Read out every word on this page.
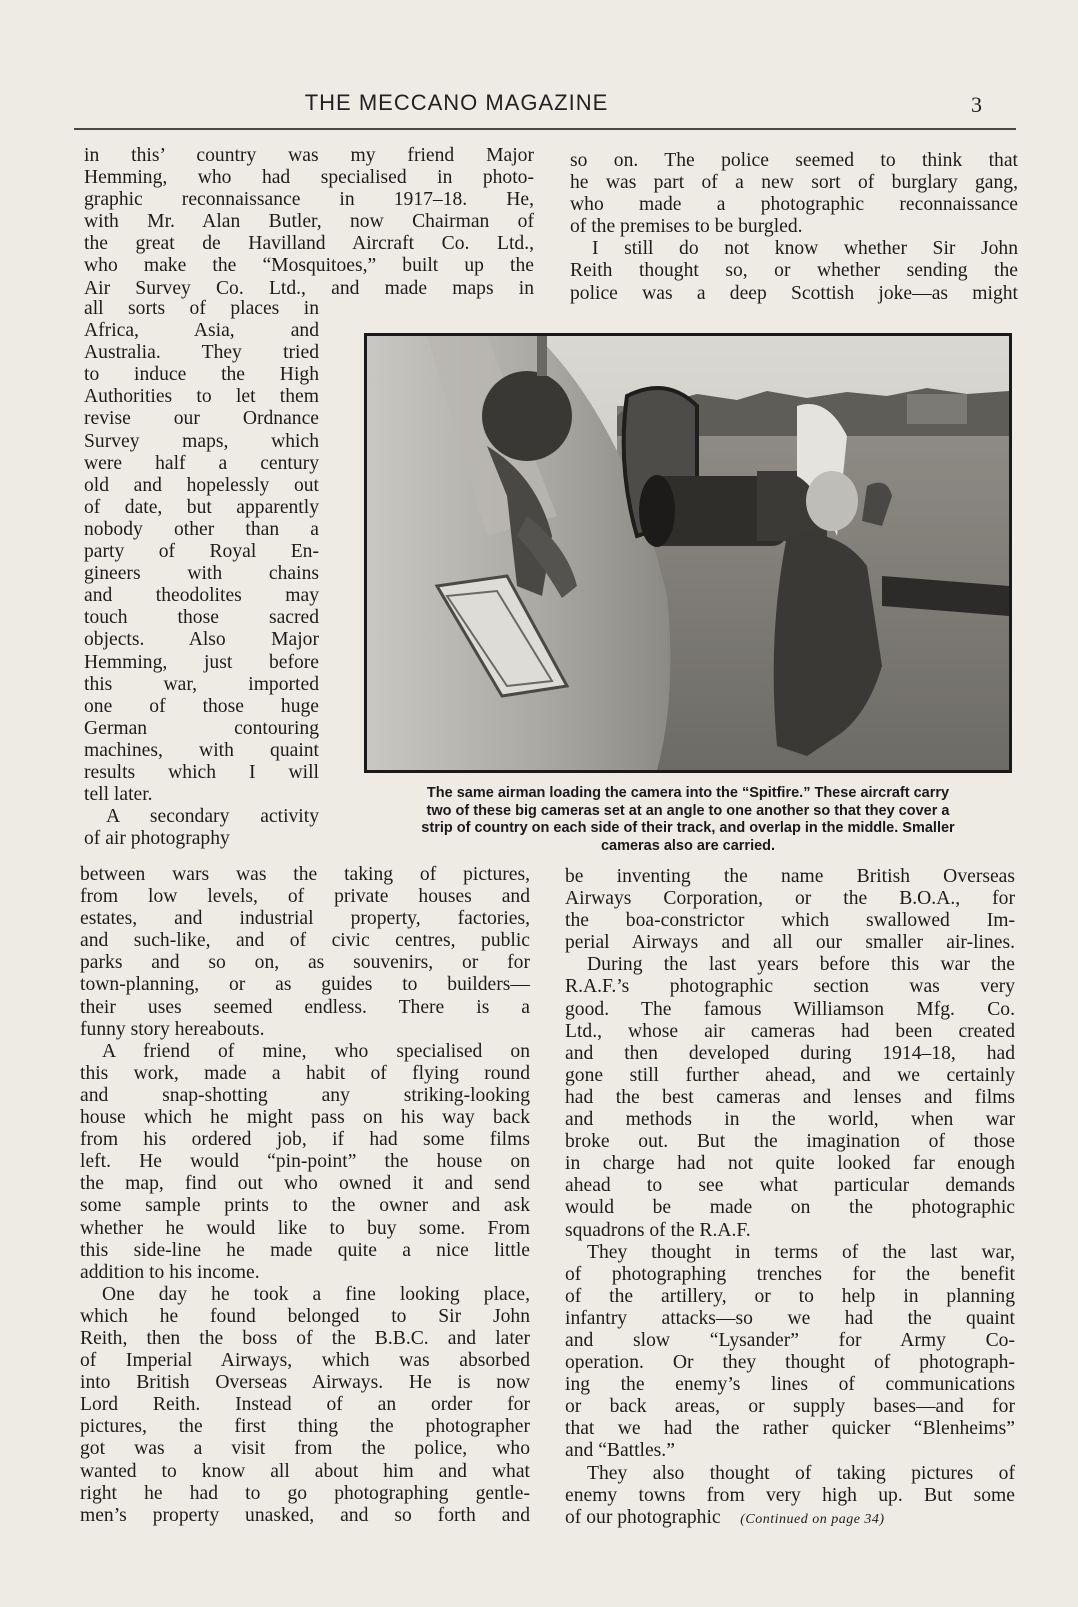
THE MECCANO MAGAZINE	3
in this’ country was my friend Major
Hemming, who had specialised in photo-
graphic reconnaissance in 1917–18. He,
with Mr. Alan Butler, now Chairman of
the great de Havilland Aircraft Co. Ltd.,
who make the “Mosquitoes,” built up the
Air Survey Co. Ltd., and made maps in
all sorts of places in
Africa, Asia, and
Australia. They tried
to induce the High
Authorities to let them
revise our Ordnance
Survey maps, which
were half a century
old and hopelessly out
of date, but apparently
nobody other than a
party of Royal En-
gineers with chains
and theodolites may
touch those sacred
objects. Also Major
Hemming, just before
this war, imported
one of those huge
German contouring
machines, with quaint
results which I will
tell later.
A secondary activity
of air photography
between wars was the taking of pictures,
from low levels, of private houses and
estates, and industrial property, factories,
and such-like, and of civic centres, public
parks and so on, as souvenirs, or for
town-planning, or as guides to builders—
their uses seemed endless. There is a
funny story hereabouts.
A friend of mine, who specialised on
this work, made a habit of flying round
and snap-shotting any striking-looking
house which he might pass on his way back
from his ordered job, if had some films
left. He would “pin-point” the house on
the map, find out who owned it and send
some sample prints to the owner and ask
whether he would like to buy some. From
this side-line he made quite a nice little
addition to his income.
One day he took a fine looking place,
which he found belonged to Sir John
Reith, then the boss of the B.B.C. and later
of Imperial Airways, which was absorbed
into British Overseas Airways. He is now
Lord Reith. Instead of an order for
pictures, the first thing the photographer
got was a visit from the police, who
wanted to know all about him and what
right he had to go photographing gentle-
men’s property unasked, and so forth and
so on. The police seemed to think that
he was part of a new sort of burglary gang,
who made a photographic reconnaissance
of the premises to be burgled.
I still do not know whether Sir John
Reith thought so, or whether sending the
police was a deep Scottish joke—as might
The same airman loading the camera into the “Spitfire.” These aircraft carry
two of these big cameras set at an angle to one another so that they cover a
strip of country on each side of their track, and overlap in the middle. Smaller
cameras also are carried.
be inventing the name British Overseas
Airways Corporation, or the B.O.A., for
the boa-constrictor which swallowed Im-
perial Airways and all our smaller air-lines.
During the last years before this war the
R.A.F.’s photographic section was very
good. The famous Williamson Mfg. Co.
Ltd., whose air cameras had been created
and then developed during 1914–18, had
gone still further ahead, and we certainly
had the best cameras and lenses and films
and methods in the world, when war
broke out. But the imagination of those
in charge had not quite looked far enough
ahead to see what particular demands
would be made on the photographic
squadrons of the R.A.F.
They thought in terms of the last war,
of photographing trenches for the benefit
of the artillery, or to help in planning
infantry attacks—so we had the quaint
and slow “Lysander” for Army Co-
operation. Or they thought of photograph-
ing the enemy’s lines of communications
or back areas, or supply bases—and for
that we had the rather quicker “Blenheims”
and “Battles.”
They also thought of taking pictures of
enemy towns from very high up. But some
of our photographic (Continued on page 34)
